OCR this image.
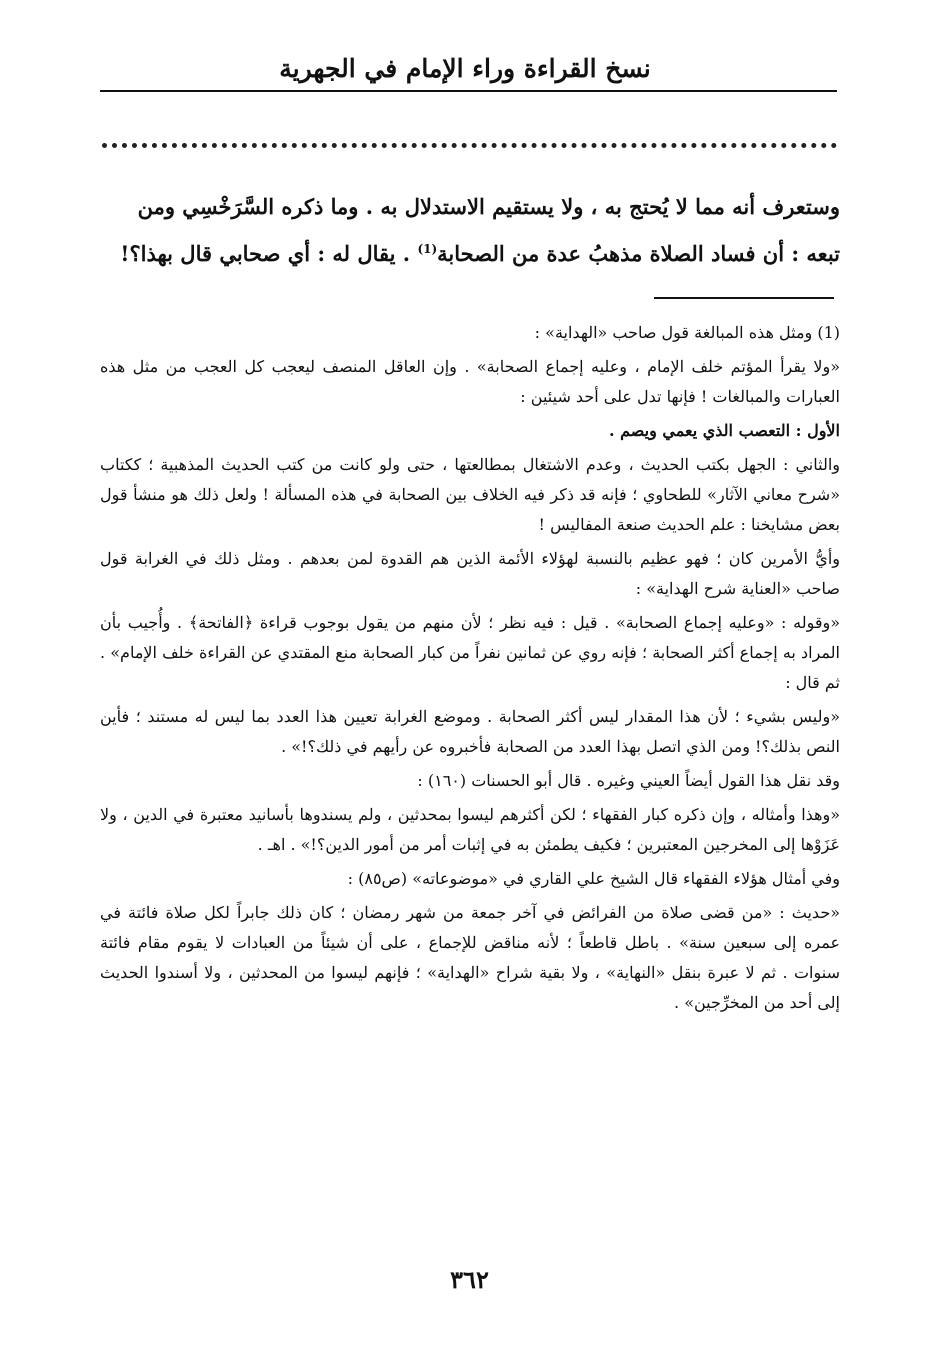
نسخ القراءة وراء الإمام في الجهرية

وستعرف أنه مما لا يُحتج به ، ولا يستقيم الاستدلال به . وما ذكره السَّرَخْسِي ومن

تبعه : أن فساد الصلاة مذهبُ عدة من الصحابة$^{(1)}$ . يقال له : أي صحابي قال بهذا؟!

(1) ومثل هذه المبالغة قول صاحب «الهداية» :

«ولا يقرأ المؤتم خلف الإمام ، وعليه إجماع الصحابة» . وإن العاقل المنصف ليعجب كل العجب من مثل هذه العبارات والمبالغات ! فإنها تدل على أحد شيئين :

الأول : التعصب الذي يعمي ويصم .

والثاني : الجهل بكتب الحديث ، وعدم الاشتغال بمطالعتها ، حتى ولو كانت من كتب الحديث المذهبية ؛ ككتاب «شرح معاني الآثار» للطحاوي ؛ فإنه قد ذكر فيه الخلاف بين الصحابة في هذه المسألة ! ولعل ذلك هو منشأ قول بعض مشايخنا : علم الحديث صنعة المفاليس !

وأيُّ الأمرين كان ؛ فهو عظيم بالنسبة لهؤلاء الأئمة الذين هم القدوة لمن بعدهم . ومثل ذلك في الغرابة قول صاحب «العناية شرح الهداية» :

«وقوله : «وعليه إجماع الصحابة» . قيل : فيه نظر ؛ لأن منهم من يقول بوجوب قراءة ﴿الفاتحة﴾ . وأُجيب بأن المراد به إجماع أكثر الصحابة ؛ فإنه روي عن ثمانين نفراً من كبار الصحابة منع المقتدي عن القراءة خلف الإمام» . ثم قال :

«وليس بشيء ؛ لأن هذا المقدار ليس أكثر الصحابة . وموضع الغرابة تعيين هذا العدد بما ليس له مستند ؛ فأين النص بذلك؟! ومن الذي اتصل بهذا العدد من الصحابة فأخبروه عن رأيهم في ذلك؟!» .

وقد نقل هذا القول أيضاً العيني وغيره . قال أبو الحسنات (١٦٠) :

«وهذا وأمثاله ، وإن ذكره كبار الفقهاء ؛ لكن أكثرهم ليسوا بمحدثين ، ولم يسندوها بأسانيد معتبرة في الدين ، ولا عَزَوْها إلى المخرجين المعتبرين ؛ فكيف يطمئن به في إثبات أمر من أمور الدين؟!» . اهـ .

وفي أمثال هؤلاء الفقهاء قال الشيخ علي القاري في «موضوعاته» (ص٨٥) :

«حديث : «من قضى صلاة من الفرائض في آخر جمعة من شهر رمضان ؛ كان ذلك جابراً لكل صلاة فائتة في عمره إلى سبعين سنة» . باطل قاطعاً ؛ لأنه مناقض للإجماع ، على أن شيئاً من العبادات لا يقوم مقام فائتة سنوات . ثم لا عبرة بنقل «النهاية» ، ولا بقية شراح «الهداية» ؛ فإنهم ليسوا من المحدثين ، ولا أسندوا الحديث إلى أحد من المخرِّجين» .

٣٦٢
